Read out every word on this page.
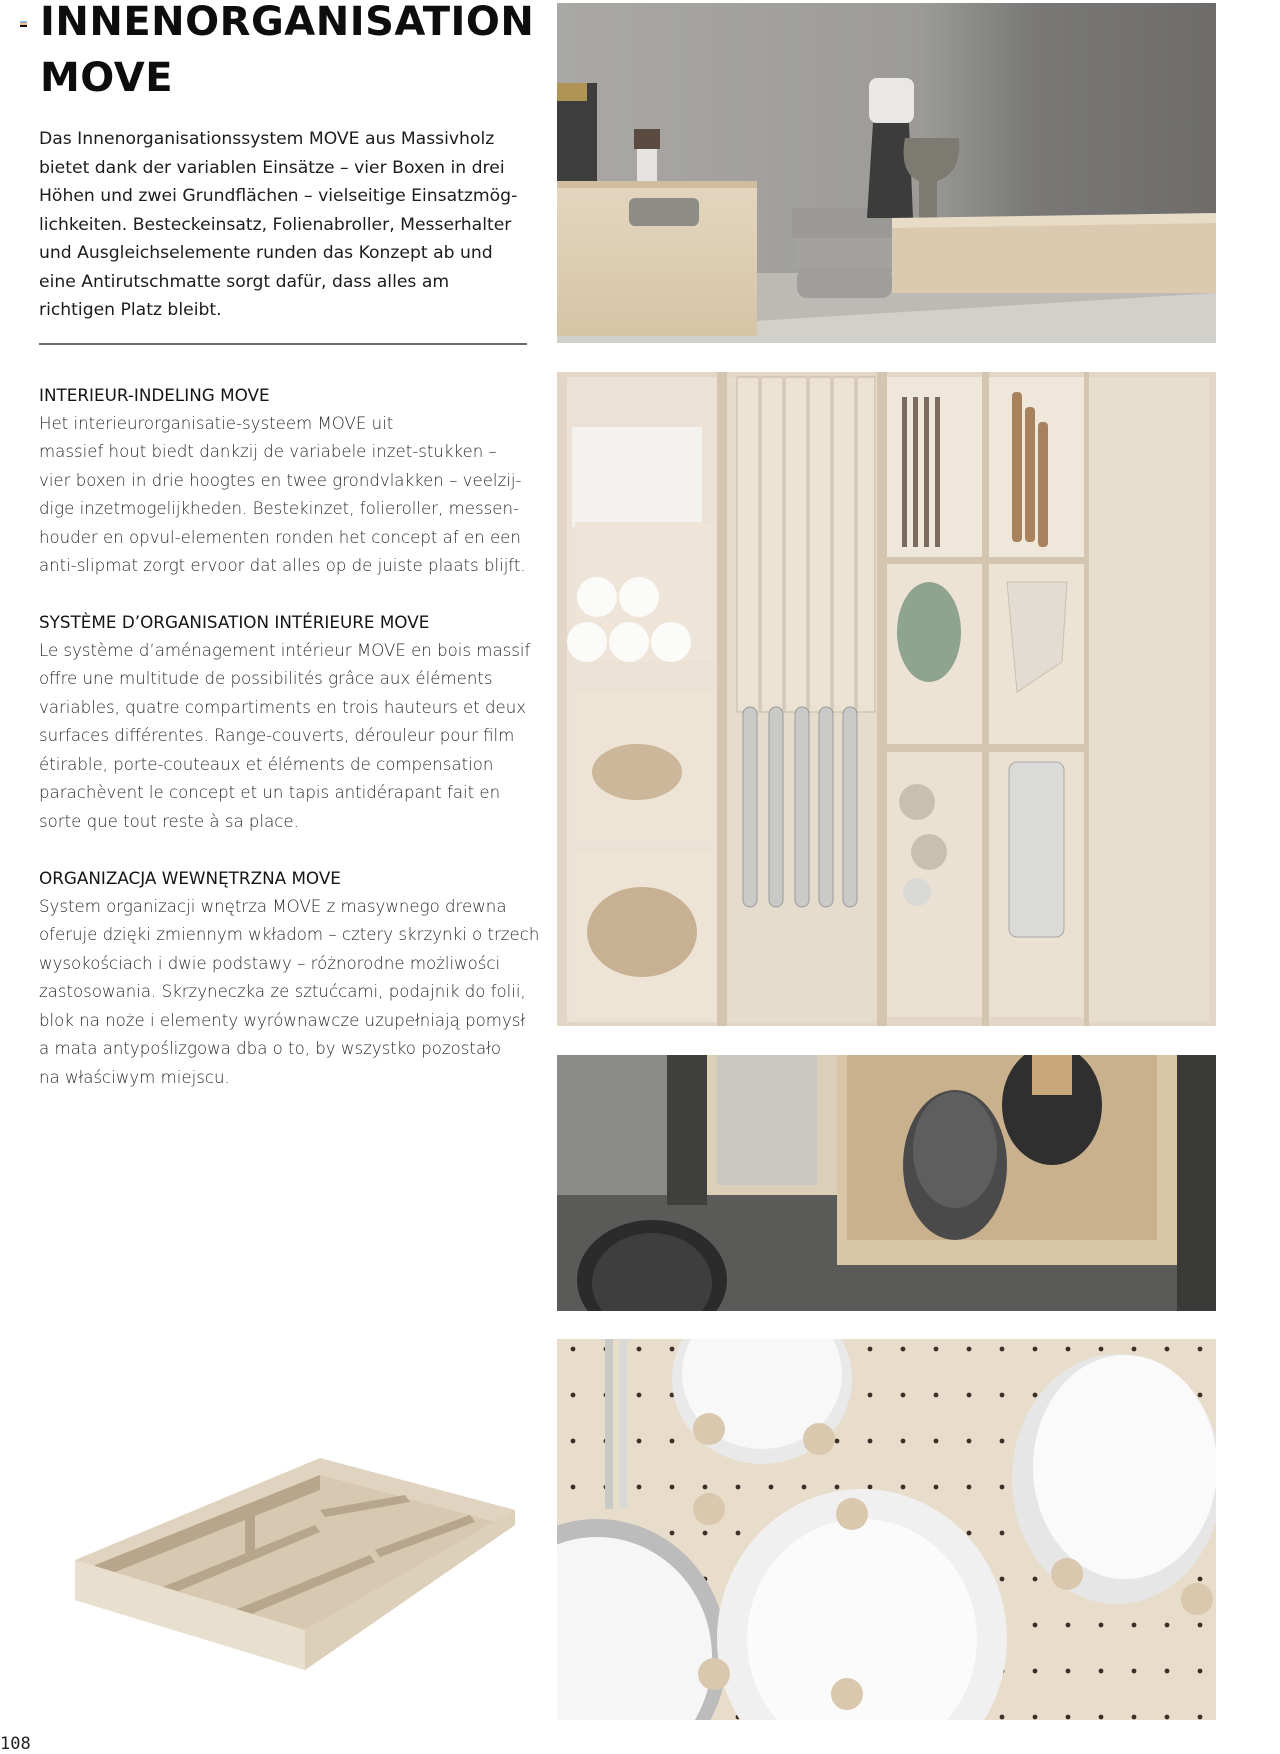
INNENORGANISATION
MOVE

Das Innenorganisationssystem MOVE aus Massivholz
bietet dank der variablen Einsätze – vier Boxen in drei
Höhen und zwei Grundflächen – vielseitige Einsatzmög-
lichkeiten. Besteckeinsatz, Folienabroller, Messerhalter
und Ausgleichselemente runden das Konzept ab und
eine Antirutschmatte sorgt dafür, dass alles am
richtigen Platz bleibt.

INTERIEUR-INDELING MOVE

Het interieurorganisatie-systeem MOVE uit
massief hout biedt dankzij de variabele inzet-stukken –
vier boxen in drie hoogtes en twee grondvlakken – veelzij-
dige inzetmogelijkheden. Bestekinzet, folieroller, messen-
houder en opvul-elementen ronden het concept af en een
anti-slipmat zorgt ervoor dat alles op de juiste plaats blijft.

SYSTÈME D’ORGANISATION INTÉRIEURE MOVE

Le système d’aménagement intérieur MOVE en bois massif
offre une multitude de possibilités grâce aux éléments
variables, quatre compartiments en trois hauteurs et deux
surfaces différentes. Range-couverts, dérouleur pour film
étirable, porte-couteaux et éléments de compensation
parachèvent le concept et un tapis antidérapant fait en
sorte que tout reste à sa place.

ORGANIZACJA WEWNĘTRZNA MOVE

System organizacji wnętrza MOVE z masywnego drewna
oferuje dzięki zmiennym wkładom – cztery skrzynki o trzech
wysokościach i dwie podstawy – różnorodne możliwości
zastosowania. Skrzyneczka ze sztućcami, podajnik do folii,
blok na noże i elementy wyrównawcze uzupełniają pomysł
a mata antypoślizgowa dba o to, by wszystko pozostało
na właściwym miejscu.

108
